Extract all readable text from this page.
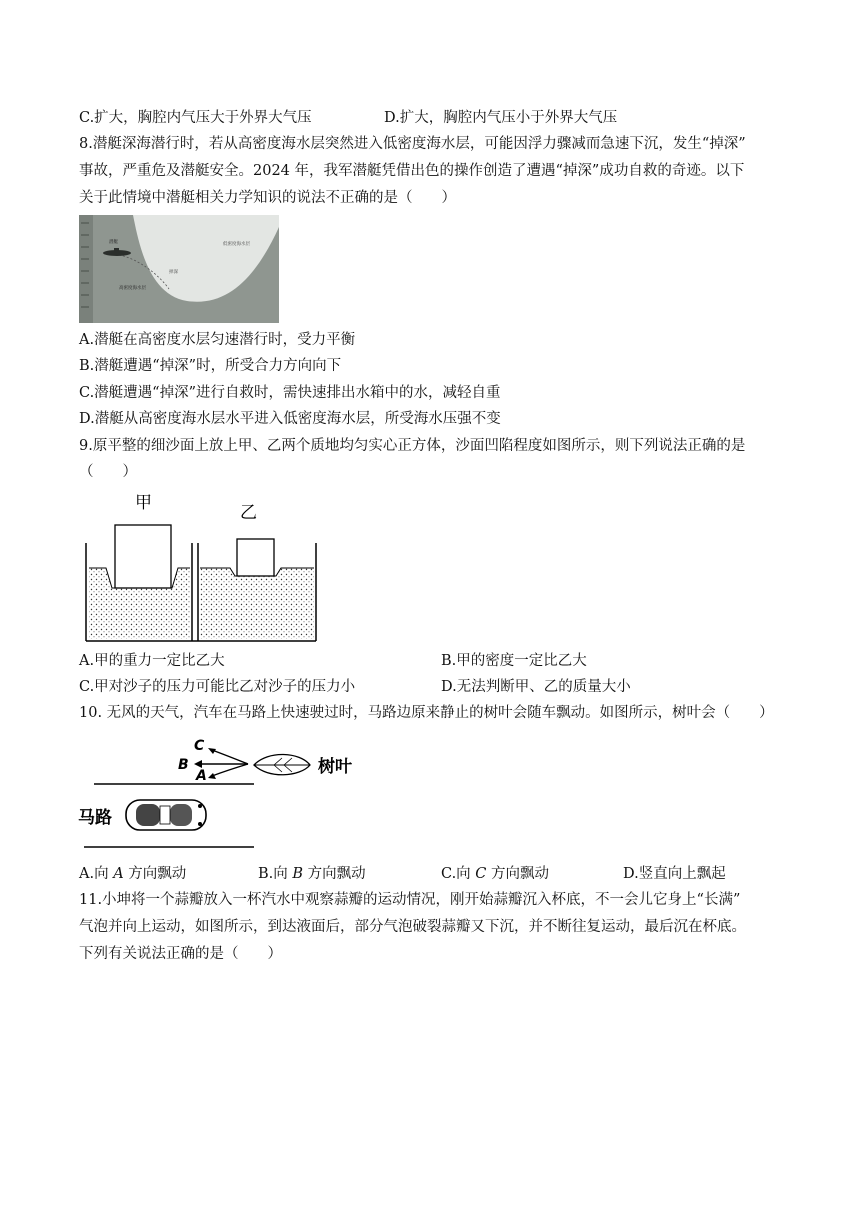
C.扩大，胸腔内气压大于外界大气压	D.扩大，胸腔内气压小于外界大气压
8.潜艇深海潜行时，若从高密度海水层突然进入低密度海水层，可能因浮力骤减而急速下沉，发生“掉深”
事故，严重危及潜艇安全。2024 年，我军潜艇凭借出色的操作创造了遭遇“掉深”成功自救的奇迹。以下
关于此情境中潜艇相关力学知识的说法不正确的是（　　）
潜艇	低密度海水层
掉深
高密度海水层
A.潜艇在高密度水层匀速潜行时，受力平衡
B.潜艇遭遇“掉深”时，所受合力方向向下
C.潜艇遭遇“掉深”进行自救时，需快速排出水箱中的水，减轻自重
D.潜艇从高密度海水层水平进入低密度海水层，所受海水压强不变
9.原平整的细沙面上放上甲、乙两个质地均匀实心正方体，沙面凹陷程度如图所示，则下列说法正确的是
（　　）
甲	乙
A.甲的重力一定比乙大	B.甲的密度一定比乙大
C.甲对沙子的压力可能比乙对沙子的压力小	D.无法判断甲、乙的质量大小
10. 无风的天气，汽车在马路上快速驶过时，马路边原来静止的树叶会随车飘动。如图所示，树叶会（　　）
C
B
A	树叶
马路
A.向 A 方向飘动	B.向 B 方向飘动	C.向 C 方向飘动	D.竖直向上飘起
11.小坤将一个蒜瓣放入一杯汽水中观察蒜瓣的运动情况，刚开始蒜瓣沉入杯底，不一会儿它身上“长满”
气泡并向上运动，如图所示，到达液面后，部分气泡破裂蒜瓣又下沉，并不断往复运动，最后沉在杯底。
下列有关说法正确的是（　　）
